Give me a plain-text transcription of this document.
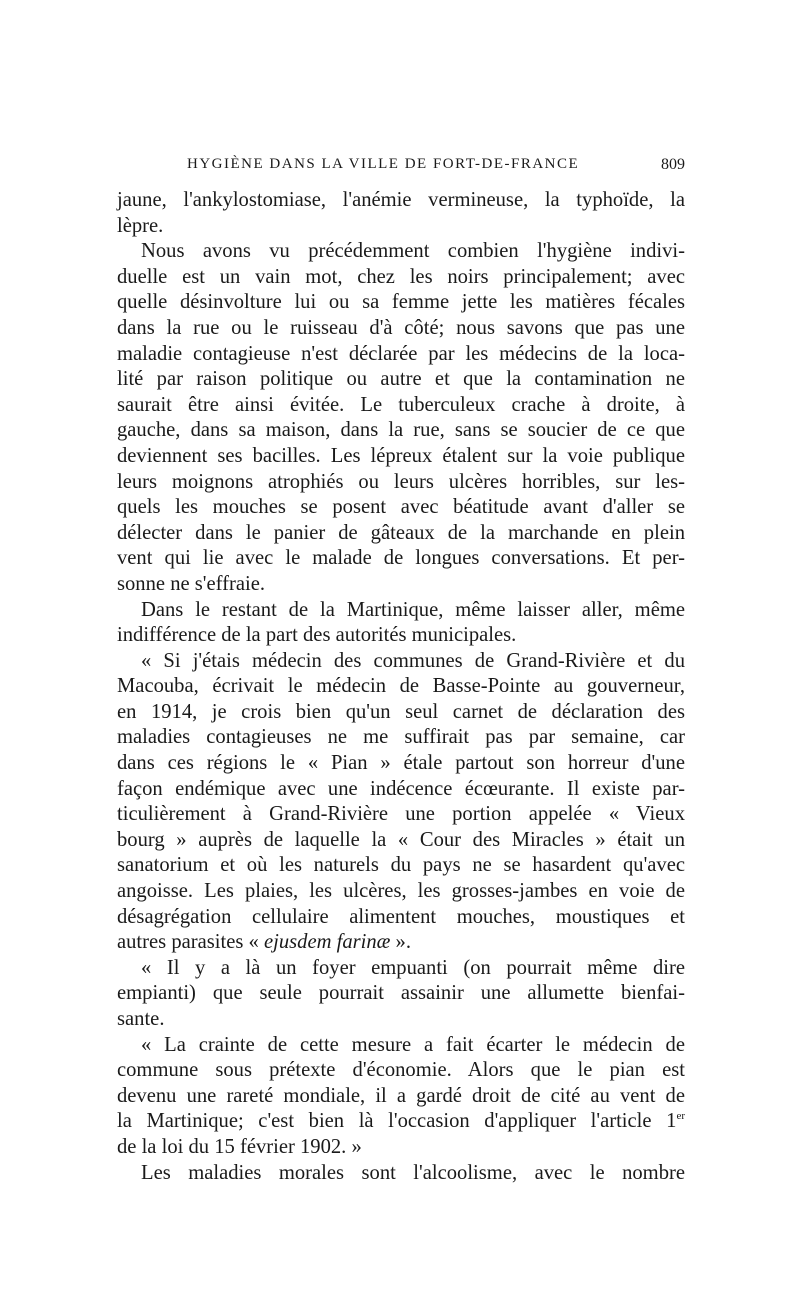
HYGIÈNE DANS LA VILLE DE FORT-DE-FRANCE	809

jaune, l'ankylostomiase, l'anémie vermineuse, la typhoïde, la
lèpre.

Nous avons vu précédemment combien l'hygiène indivi-
duelle est un vain mot, chez les noirs principalement; avec
quelle désinvolture lui ou sa femme jette les matières fécales
dans la rue ou le ruisseau d'à côté; nous savons que pas une
maladie contagieuse n'est déclarée par les médecins de la loca-
lité par raison politique ou autre et que la contamination ne
saurait être ainsi évitée. Le tuberculeux crache à droite, à
gauche, dans sa maison, dans la rue, sans se soucier de ce que
deviennent ses bacilles. Les lépreux étalent sur la voie publique
leurs moignons atrophiés ou leurs ulcères horribles, sur les-
quels les mouches se posent avec béatitude avant d'aller se
délecter dans le panier de gâteaux de la marchande en plein
vent qui lie avec le malade de longues conversations. Et per-
sonne ne s'effraie.

Dans le restant de la Martinique, même laisser aller, même
indifférence de la part des autorités municipales.

« Si j'étais médecin des communes de Grand-Rivière et du
Macouba, écrivait le médecin de Basse-Pointe au gouverneur,
en 1914, je crois bien qu'un seul carnet de déclaration des
maladies contagieuses ne me suffirait pas par semaine, car
dans ces régions le « Pian » étale partout son horreur d'une
façon endémique avec une indécence écœurante. Il existe par-
ticulièrement à Grand-Rivière une portion appelée « Vieux
bourg » auprès de laquelle la « Cour des Miracles » était un
sanatorium et où les naturels du pays ne se hasardent qu'avec
angoisse. Les plaies, les ulcères, les grosses-jambes en voie de
désagrégation cellulaire alimentent mouches, moustiques et
autres parasites « ejusdem farinæ ».

« Il y a là un foyer empuanti (on pourrait même dire
empianti) que seule pourrait assainir une allumette bienfai-
sante.

« La crainte de cette mesure a fait écarter le médecin de
commune sous prétexte d'économie. Alors que le pian est
devenu une rareté mondiale, il a gardé droit de cité au vent de
la Martinique; c'est bien là l'occasion d'appliquer l'article 1er
de la loi du 15 février 1902. »

Les maladies morales sont l'alcoolisme, avec le nombre
